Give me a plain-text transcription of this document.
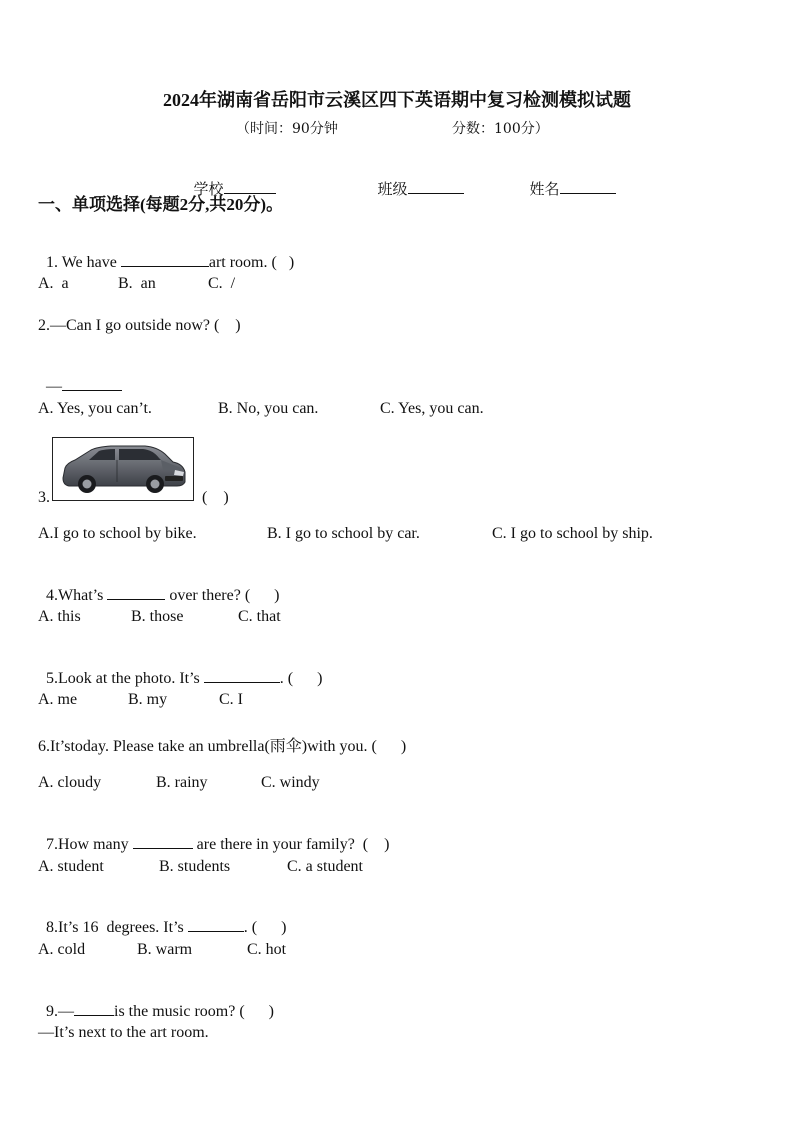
2024年湖南省岳阳市云溪区四下英语期中复习检测模拟试题
（时间：90分钟	分数：100分）

学校	班级	姓名

一、单项选择(每题2分,共20分)。

1. We have	art room. (   )

A.  a	B.  an	C.  /
2.—Can I go outside now? (    )

—

A. Yes, you can’t.	B. No, you can.	C. Yes, you can.
3.	(    )
A.I go to school by bike.	B. I go to school by car.	C. I go to school by ship.

4.What’s	over there? (      )

A. this	B. those	C. that

5.Look at the photo. It’s	. (      )

A. me	B. my	C. I
6.It’stoday. Please take an umbrella(雨伞)with you. (      )
A. cloudy	B. rainy	C. windy

7.How many	are there in your family?  (    )

A. student	B. students	C. a student

8.It’s 16  degrees. It’s	. (      )

A. cold	B. warm	C. hot

9.—	is the music room? (      )

—It’s next to the art room.
